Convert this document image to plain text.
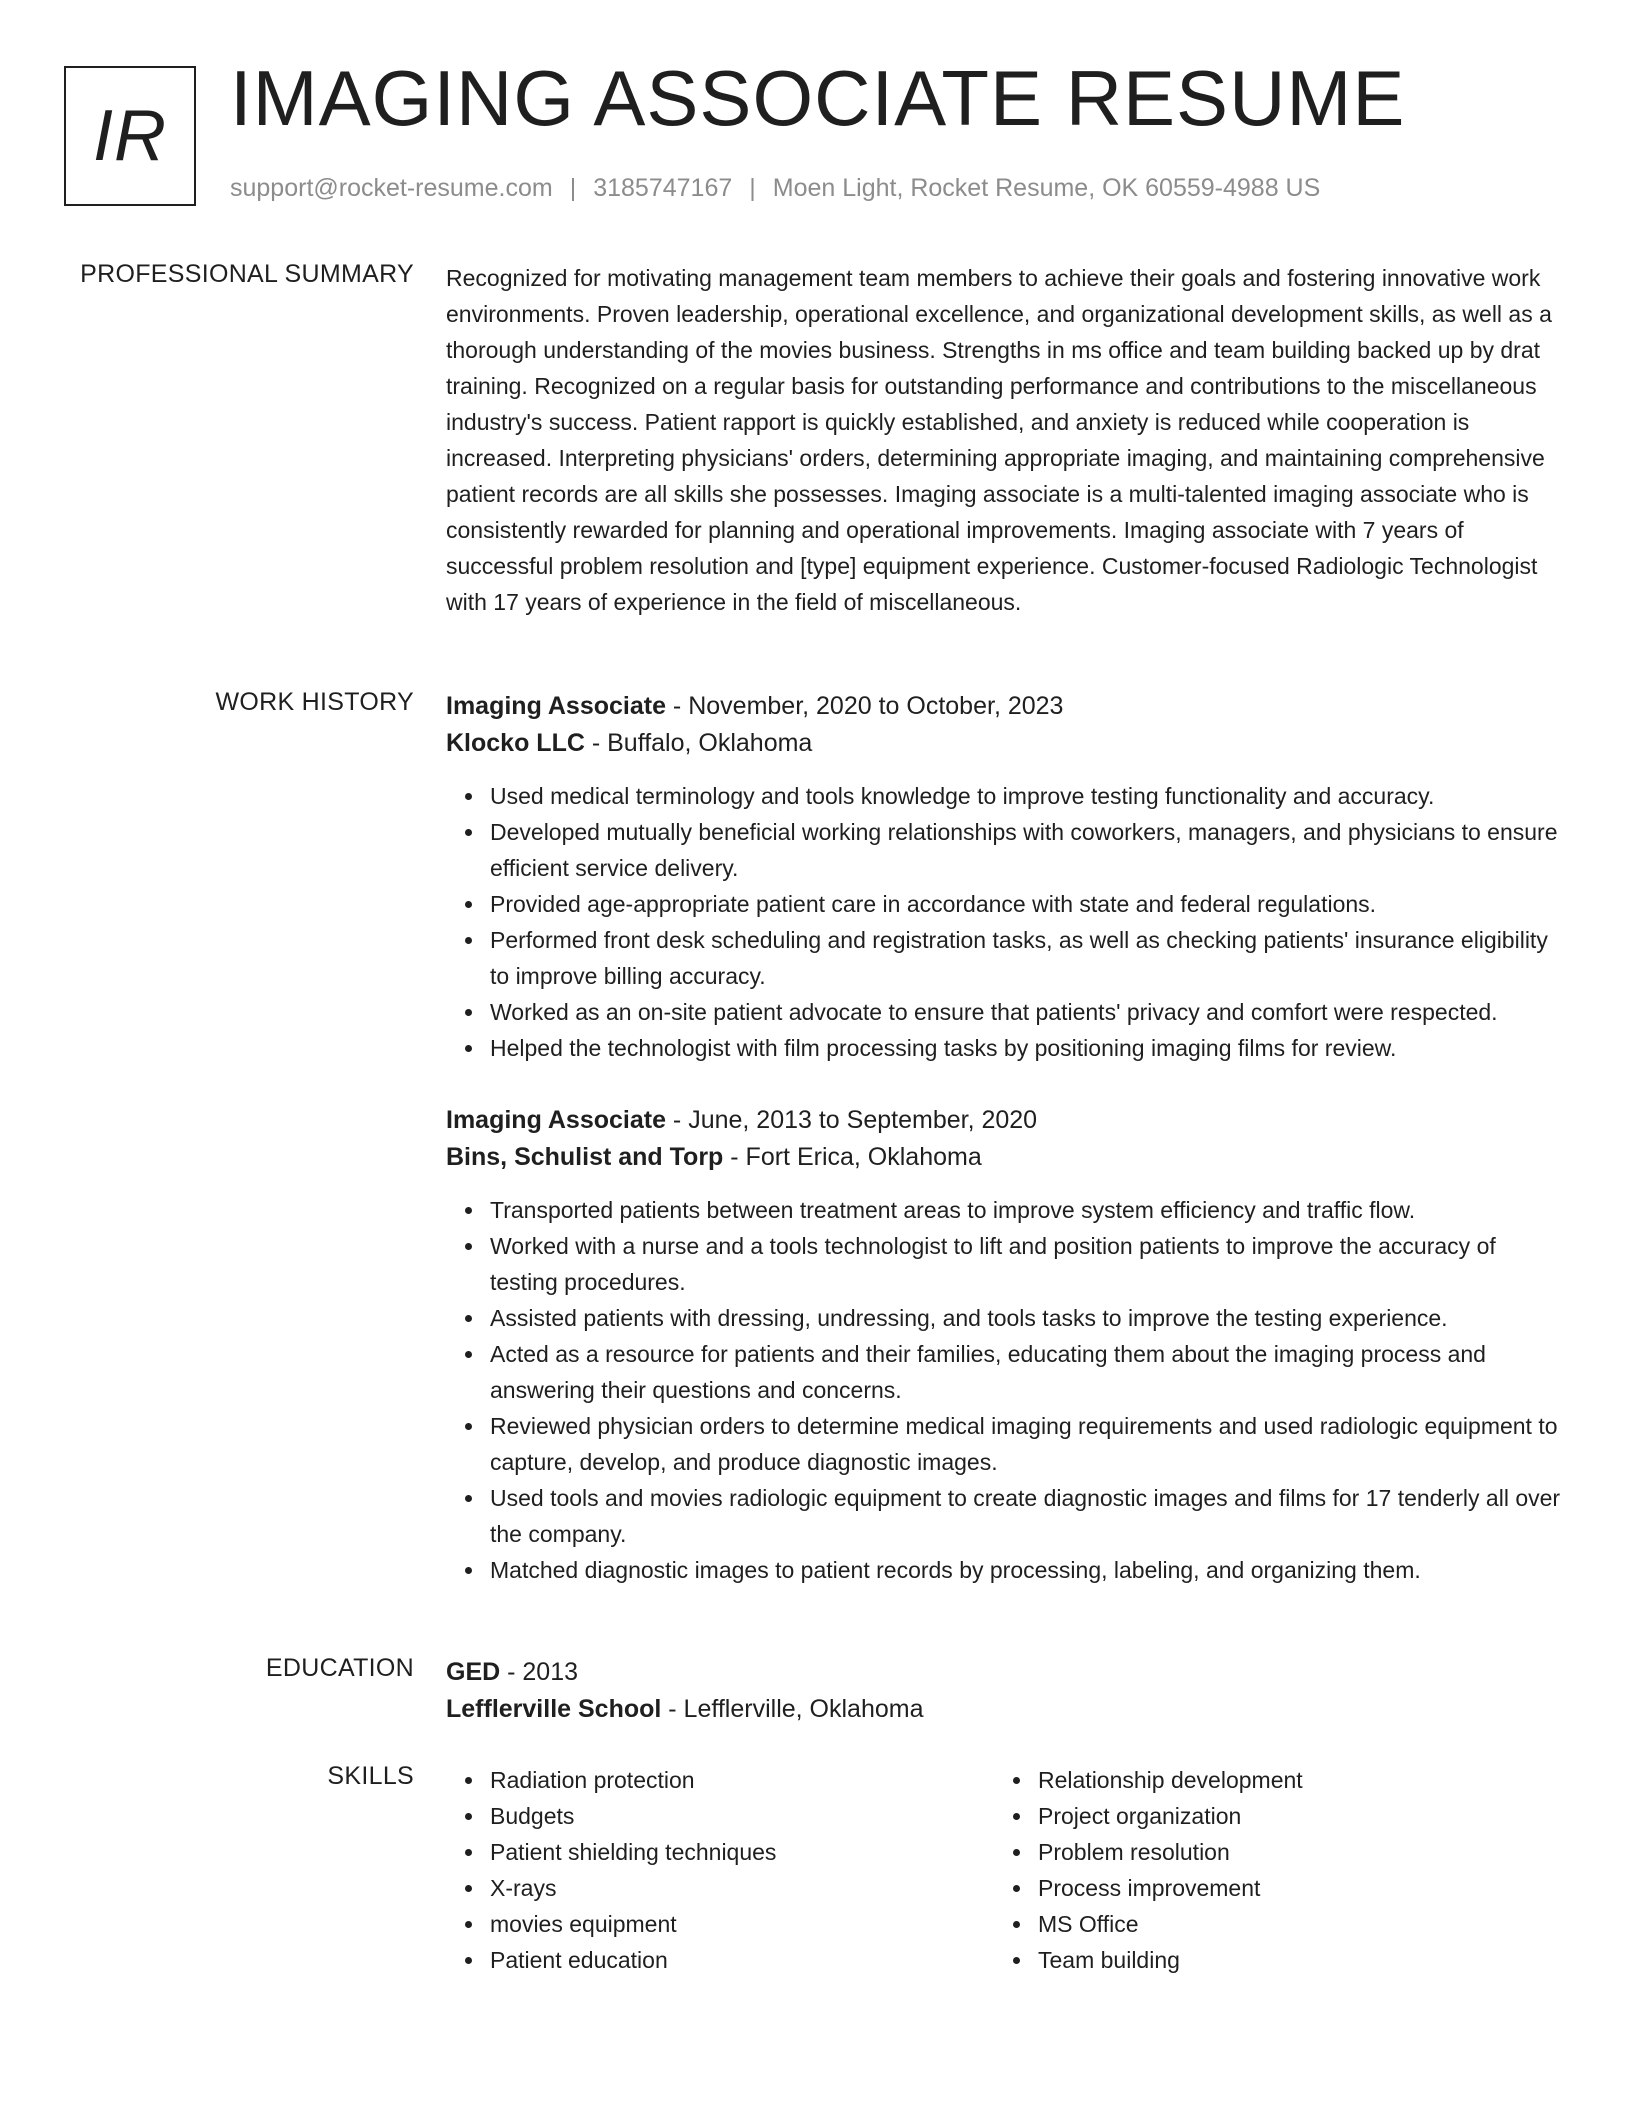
IR IMAGING ASSOCIATE RESUME
support@rocket-resume.com | 3185747167 | Moen Light, Rocket Resume, OK 60559-4988 US
PROFESSIONAL SUMMARY Recognized for motivating management team members to achieve their goals and fostering innovative work environments. Proven leadership, operational excellence, and organizational development skills, as well as a thorough understanding of the movies business. Strengths in ms office and team building backed up by drat training. Recognized on a regular basis for outstanding performance and contributions to the miscellaneous industry's success. Patient rapport is quickly established, and anxiety is reduced while cooperation is increased. Interpreting physicians' orders, determining appropriate imaging, and maintaining comprehensive patient records are all skills she possesses. Imaging associate is a multi-talented imaging associate who is consistently rewarded for planning and operational improvements. Imaging associate with 7 years of successful problem resolution and [type] equipment experience. Customer-focused Radiologic Technologist with 17 years of experience in the field of miscellaneous.

WORK HISTORY Imaging Associate - November, 2020 to October, 2023
Klocko LLC - Buffalo, Oklahoma
Used medical terminology and tools knowledge to improve testing functionality and accuracy.
Developed mutually beneficial working relationships with coworkers, managers, and physicians to ensure efficient service delivery.
Provided age-appropriate patient care in accordance with state and federal regulations.
Performed front desk scheduling and registration tasks, as well as checking patients' insurance eligibility to improve billing accuracy.
Worked as an on-site patient advocate to ensure that patients' privacy and comfort were respected.
Helped the technologist with film processing tasks by positioning imaging films for review.
Imaging Associate - June, 2013 to September, 2020
Bins, Schulist and Torp - Fort Erica, Oklahoma
Transported patients between treatment areas to improve system efficiency and traffic flow.
Worked with a nurse and a tools technologist to lift and position patients to improve the accuracy of testing procedures.
Assisted patients with dressing, undressing, and tools tasks to improve the testing experience.
Acted as a resource for patients and their families, educating them about the imaging process and answering their questions and concerns.
Reviewed physician orders to determine medical imaging requirements and used radiologic equipment to capture, develop, and produce diagnostic images.
Used tools and movies radiologic equipment to create diagnostic images and films for 17 tenderly all over the company.
Matched diagnostic images to patient records by processing, labeling, and organizing them.
EDUCATION GED - 2013
Lefflerville School - Lefflerville, Oklahoma
SKILLS	Radiation protection
Budgets
Patient shielding techniques
X-rays
movies equipment
Patient education
Relationship development
Project organization
Problem resolution
Process improvement
MS Office
Team building
